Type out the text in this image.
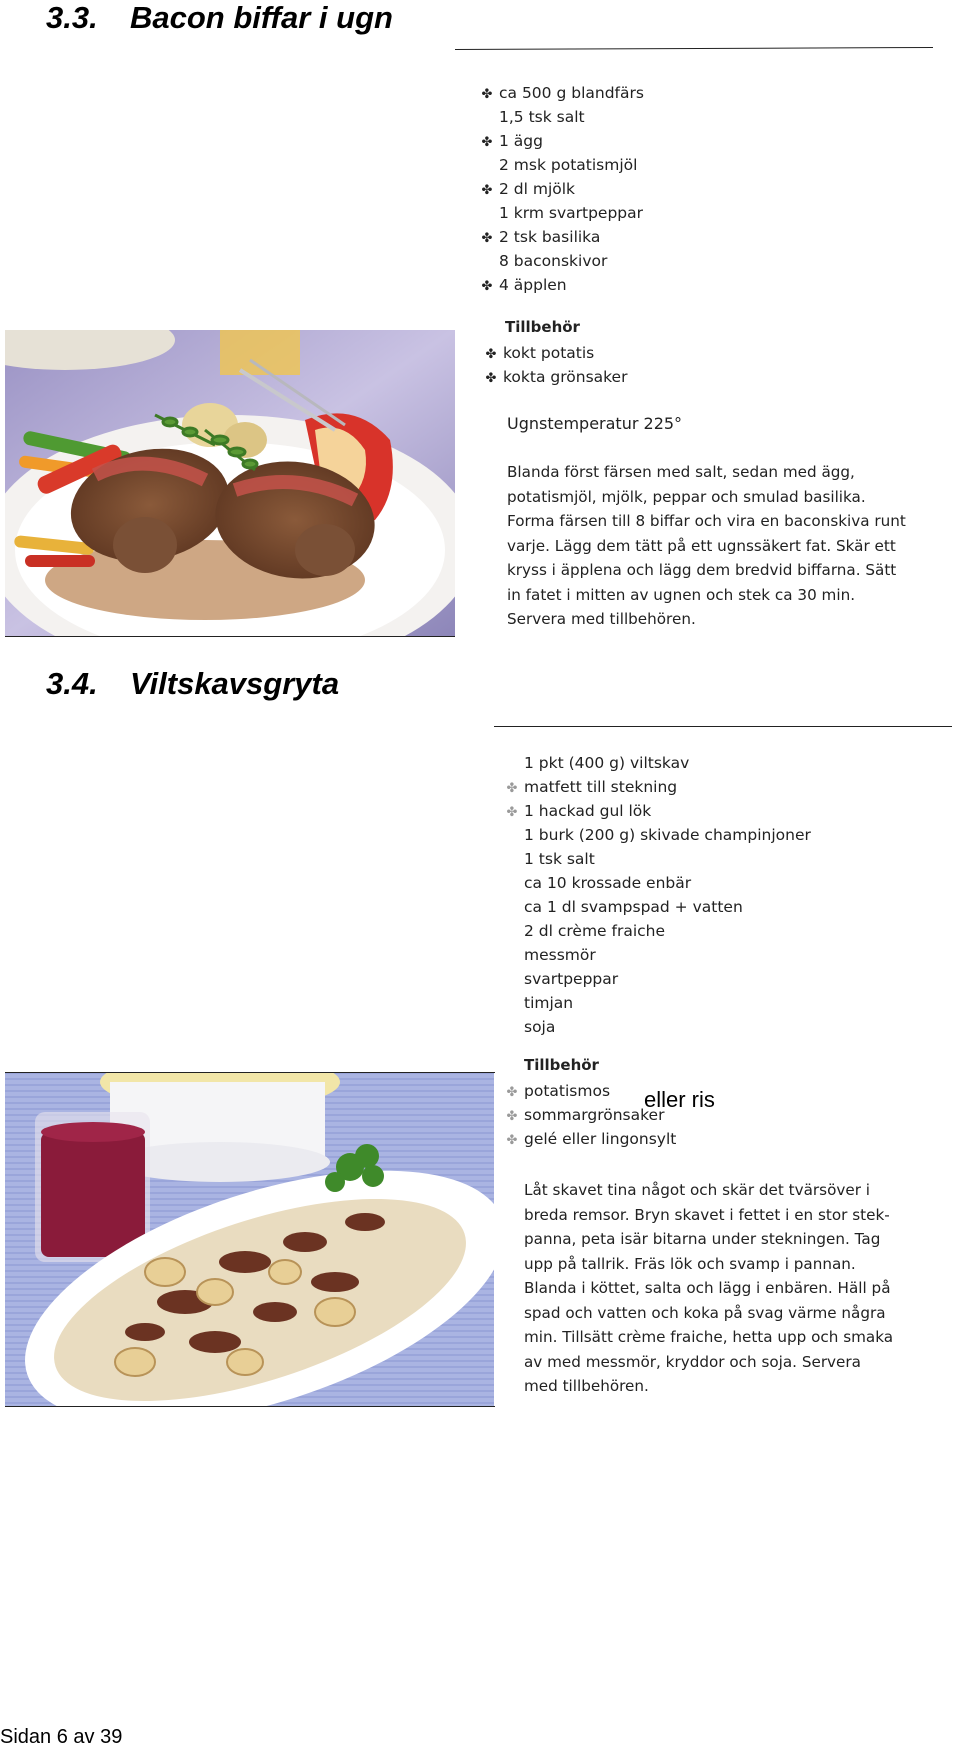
3.3. Bacon biffar i ugn
✤ ca 500 g blandfärs
1,5 tsk salt
✤ 1 ägg
2 msk potatismjöl
✤ 2 dl mjölk
1 krm svartpeppar
✤ 2 tsk basilika
8 baconskivor
✤ 4 äpplen
Tillbehör
✤ kokt potatis
✤ kokta grönsaker
Ugnstemperatur 225°
Blanda först färsen med salt, sedan med ägg,
potatismjöl, mjölk, peppar och smulad basilika.
Forma färsen till 8 biffar och vira en baconskiva runt
varje. Lägg dem tätt på ett ugnssäkert fat. Skär ett
kryss i äpplena och lägg dem bredvid biffarna. Sätt
in fatet i mitten av ugnen och stek ca 30 min.
Servera med tillbehören.
3.4. Viltskavsgryta
1 pkt (400 g) viltskav
✤ matfett till stekning
✤ 1 hackad gul lök
1 burk (200 g) skivade champinjoner
1 tsk salt
ca 10 krossade enbär
ca 1 dl svampspad + vatten
2 dl crème fraiche
messmör
svartpeppar
timjan
soja
Tillbehör
✤ potatismos
✤ sommargrönsaker
✤ gelé eller lingonsylt
Låt skavet tina något och skär det tvärsöver i
breda remsor. Bryn skavet i fettet i en stor stek-
panna, peta isär bitarna under stekningen. Tag
upp på tallrik. Fräs lök och svamp i pannan.
Blanda i köttet, salta och lägg i enbären. Häll på
spad och vatten och koka på svag värme några
min. Tillsätt crème fraiche, hetta upp och smaka
av med messmör, kryddor och soja. Servera
med tillbehören.
eller ris
Sidan 6 av 39
